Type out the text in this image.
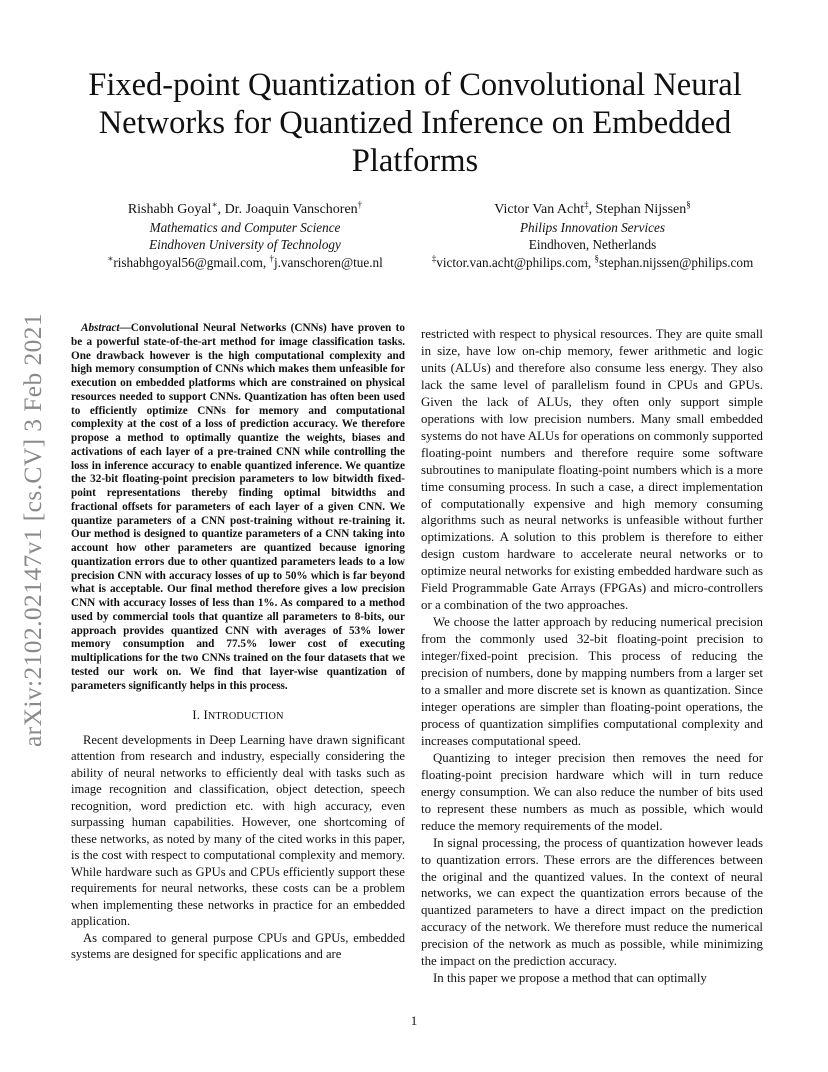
arXiv:2102.02147v1 [cs.CV] 3 Feb 2021
Fixed-point Quantization of Convolutional Neural Networks for Quantized Inference on Embedded Platforms
Rishabh Goyal∗, Dr. Joaquin Vanschoren†
Mathematics and Computer Science
Eindhoven University of Technology
∗rishabhgoyal56@gmail.com, †j.vanschoren@tue.nl
Victor Van Acht‡, Stephan Nijssen§
Philips Innovation Services
Eindhoven, Netherlands
‡victor.van.acht@philips.com, §stephan.nijssen@philips.com

Abstract—Convolutional Neural Networks (CNNs) have proven to be a powerful state-of-the-art method for image classification tasks. One drawback however is the high computational complexity and high memory consumption of CNNs which makes them unfeasible for execution on embedded platforms which are constrained on physical resources needed to support CNNs. Quantization has often been used to efficiently optimize CNNs for memory and computational complexity at the cost of a loss of prediction accuracy. We therefore propose a method to optimally quantize the weights, biases and activations of each layer of a pre-trained CNN while controlling the loss in inference accuracy to enable quantized inference. We quantize the 32-bit floating-point precision parameters to low bitwidth fixed-point representations thereby finding optimal bitwidths and fractional offsets for parameters of each layer of a given CNN. We quantize parameters of a CNN post-training without re-training it. Our method is designed to quantize parameters of a CNN taking into account how other parameters are quantized because ignoring quantization errors due to other quantized parameters leads to a low precision CNN with accuracy losses of up to 50% which is far beyond what is acceptable. Our final method therefore gives a low precision CNN with accuracy losses of less than 1%. As compared to a method used by commercial tools that quantize all parameters to 8-bits, our approach provides quantized CNN with averages of 53% lower memory consumption and 77.5% lower cost of executing multiplications for the two CNNs trained on the four datasets that we tested our work on. We find that layer-wise quantization of parameters significantly helps in this process.

I. INTRODUCTION

Recent developments in Deep Learning have drawn significant attention from research and industry, especially considering the ability of neural networks to efficiently deal with tasks such as image recognition and classification, object detection, speech recognition, word prediction etc. with high accuracy, even surpassing human capabilities. However, one shortcoming of these networks, as noted by many of the cited works in this paper, is the cost with respect to computational complexity and memory. While hardware such as GPUs and CPUs efficiently support these requirements for neural networks, these costs can be a problem when implementing these networks in practice for an embedded application.

As compared to general purpose CPUs and GPUs, embedded systems are designed for specific applications and are

restricted with respect to physical resources. They are quite small in size, have low on-chip memory, fewer arithmetic and logic units (ALUs) and therefore also consume less energy. They also lack the same level of parallelism found in CPUs and GPUs. Given the lack of ALUs, they often only support simple operations with low precision numbers. Many small embedded systems do not have ALUs for operations on commonly supported floating-point numbers and therefore require some software subroutines to manipulate floating-point numbers which is a more time consuming process. In such a case, a direct implementation of computationally expensive and high memory consuming algorithms such as neural networks is unfeasible without further optimizations. A solution to this problem is therefore to either design custom hardware to accelerate neural networks or to optimize neural networks for existing embedded hardware such as Field Programmable Gate Arrays (FPGAs) and micro-controllers or a combination of the two approaches.

We choose the latter approach by reducing numerical precision from the commonly used 32-bit floating-point precision to integer/fixed-point precision. This process of reducing the precision of numbers, done by mapping numbers from a larger set to a smaller and more discrete set is known as quantization. Since integer operations are simpler than floating-point operations, the process of quantization simplifies computational complexity and increases computational speed.

Quantizing to integer precision then removes the need for floating-point precision hardware which will in turn reduce energy consumption. We can also reduce the number of bits used to represent these numbers as much as possible, which would reduce the memory requirements of the model.

In signal processing, the process of quantization however leads to quantization errors. These errors are the differences between the original and the quantized values. In the context of neural networks, we can expect the quantization errors because of the quantized parameters to have a direct impact on the prediction accuracy of the network. We therefore must reduce the numerical precision of the network as much as possible, while minimizing the impact on the prediction accuracy.

In this paper we propose a method that can optimally

1
